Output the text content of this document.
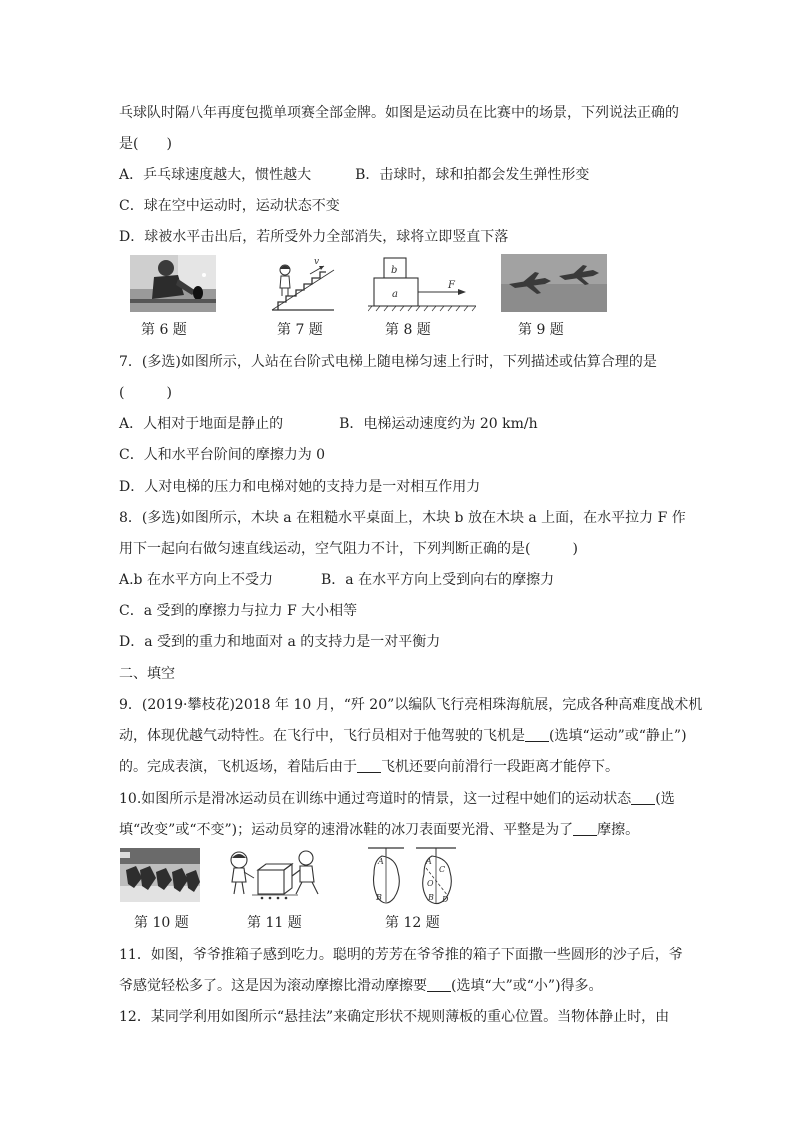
乓球队时隔八年再度包揽单项赛全部金牌。如图是运动员在比赛中的场景，下列说法正确的
是(　　)
A．乒乓球速度越大，惯性越大	B．击球时，球和拍都会发生弹性形变
C．球在空中运动时，运动状态不变
D．球被水平击出后，若所受外力全部消失，球将立即竖直下落
v
b
a
F
第 6 题	第 7 题	第 8 题	第 9 题
7．(多选)如图所示，人站在台阶式电梯上随电梯匀速上行时，下列描述或估算合理的是
(　　　)
A．人相对于地面是静止的	B．电梯运动速度约为 20 km/h
C．人和水平台阶间的摩擦力为 0
D．人对电梯的压力和电梯对她的支持力是一对相互作用力
8．(多选)如图所示，木块 a 在粗糙水平桌面上，木块 b 放在木块 a 上面，在水平拉力 F 作
用下一起向右做匀速直线运动，空气阻力不计，下列判断正确的是(　　　)
A.b 在水平方向上不受力	B．a 在水平方向上受到向右的摩擦力
C．a 受到的摩擦力与拉力 F 大小相等
D．a 受到的重力和地面对 a 的支持力是一对平衡力
二、填空
9．(2019·攀枝花)2018 年 10 月，“歼 20”以编队飞行亮相珠海航展，完成各种高难度战术机
动，体现优越气动特性。在飞行中，飞行员相对于他驾驶的飞机是 (选填“运动”或“静止”)
的。完成表演，飞机返场，着陆后由于 飞机还要向前滑行一段距离才能停下。
10.如图所示是滑冰运动员在训练中通过弯道时的情景，这一过程中她们的运动状态 (选
填“改变”或“不变”)；运动员穿的速滑冰鞋的冰刀表面要光滑、平整是为了 摩擦。
A
B
A
C
O
B D
第 10 题	第 11 题	第 12 题
11．如图，爷爷推箱子感到吃力。聪明的芳芳在爷爷推的箱子下面撒一些圆形的沙子后，爷
爷感觉轻松多了。这是因为滚动摩擦比滑动摩擦要 (选填“大”或“小”)得多。
12．某同学利用如图所示“悬挂法”来确定形状不规则薄板的重心位置。当物体静止时，由
